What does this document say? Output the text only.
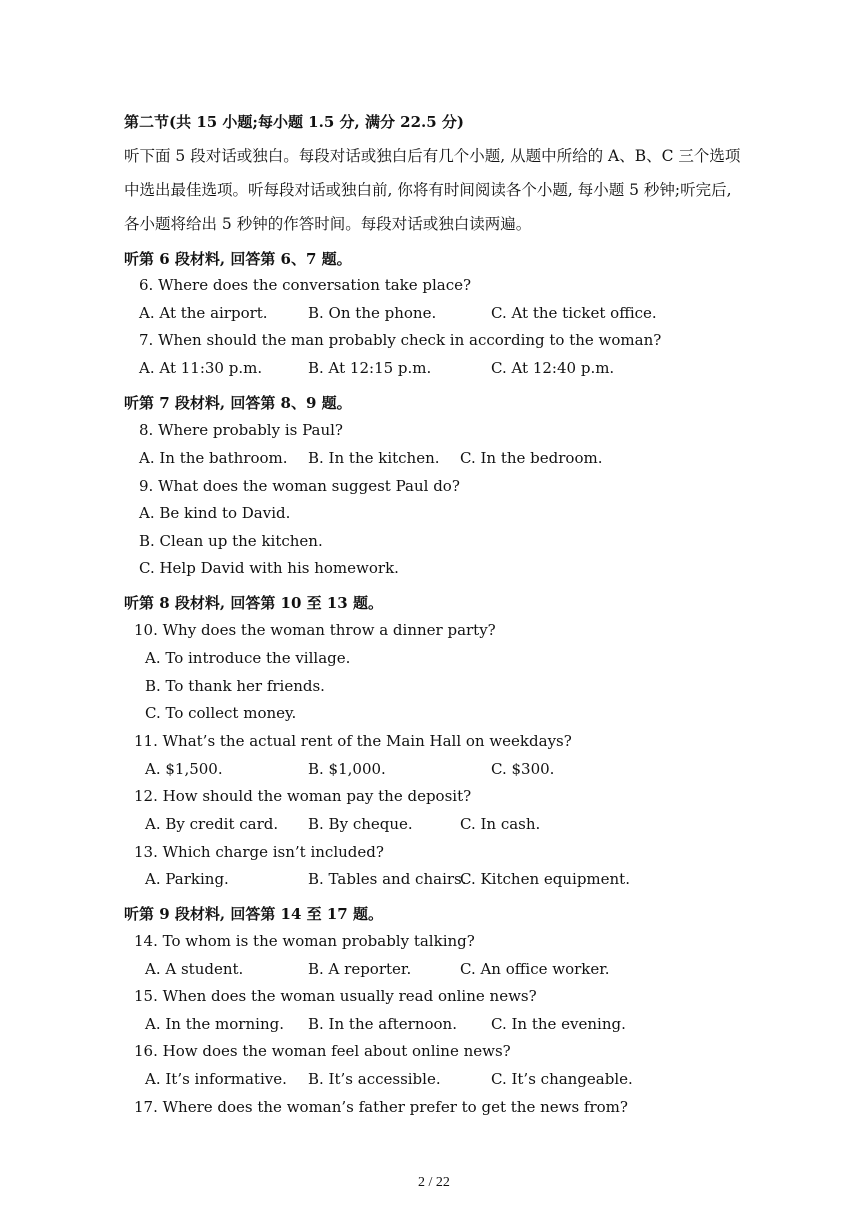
第二节(共 15 小题;每小题 1.5 分, 满分 22.5 分)
听下面 5 段对话或独白。每段对话或独白后有几个小题, 从题中所给的 A、B、C 三个选项
中选出最佳选项。听每段对话或独白前, 你将有时间阅读各个小题, 每小题 5 秒钟;听完后,
各小题将给出 5 秒钟的作答时间。每段对话或独白读两遍。
听第 6 段材料, 回答第 6、7 题。
6. Where does the conversation take place?
A. At the airport.	B. On the phone.	C. At the ticket office.
7. When should the man probably check in according to the woman?
A. At 11:30 p.m.	B. At 12:15 p.m.	C. At 12:40 p.m.
听第 7 段材料, 回答第 8、9 题。
8. Where probably is Paul?
A. In the bathroom. B. In the kitchen. C. In the bedroom.
9. What does the woman suggest Paul do?
A. Be kind to David.
B. Clean up the kitchen.
C. Help David with his homework.
听第 8 段材料, 回答第 10 至 13 题。
10. Why does the woman throw a dinner party?
A. To introduce the village.
B. To thank her friends.
C. To collect money.
11. What’s the actual rent of the Main Hall on weekdays?
A. $1,500.	B. $1,000.	C. $300.
12. How should the woman pay the deposit?
A. By credit card. B. By cheque.	C. In cash.
13. Which charge isn’t included?
A. Parking.	B. Tables and chairs.
C. Kitchen equipment.
听第 9 段材料, 回答第 14 至 17 题。
14. To whom is the woman probably talking?
A. A student.	B. A reporter.	C. An office worker.
15. When does the woman usually read online news?
A. In the morning. B. In the afternoon. C. In the evening.
16. How does the woman feel about online news?
A. It’s informative. B. It’s accessible.	C. It’s changeable.
17. Where does the woman’s father prefer to get the news from?
2 / 22
